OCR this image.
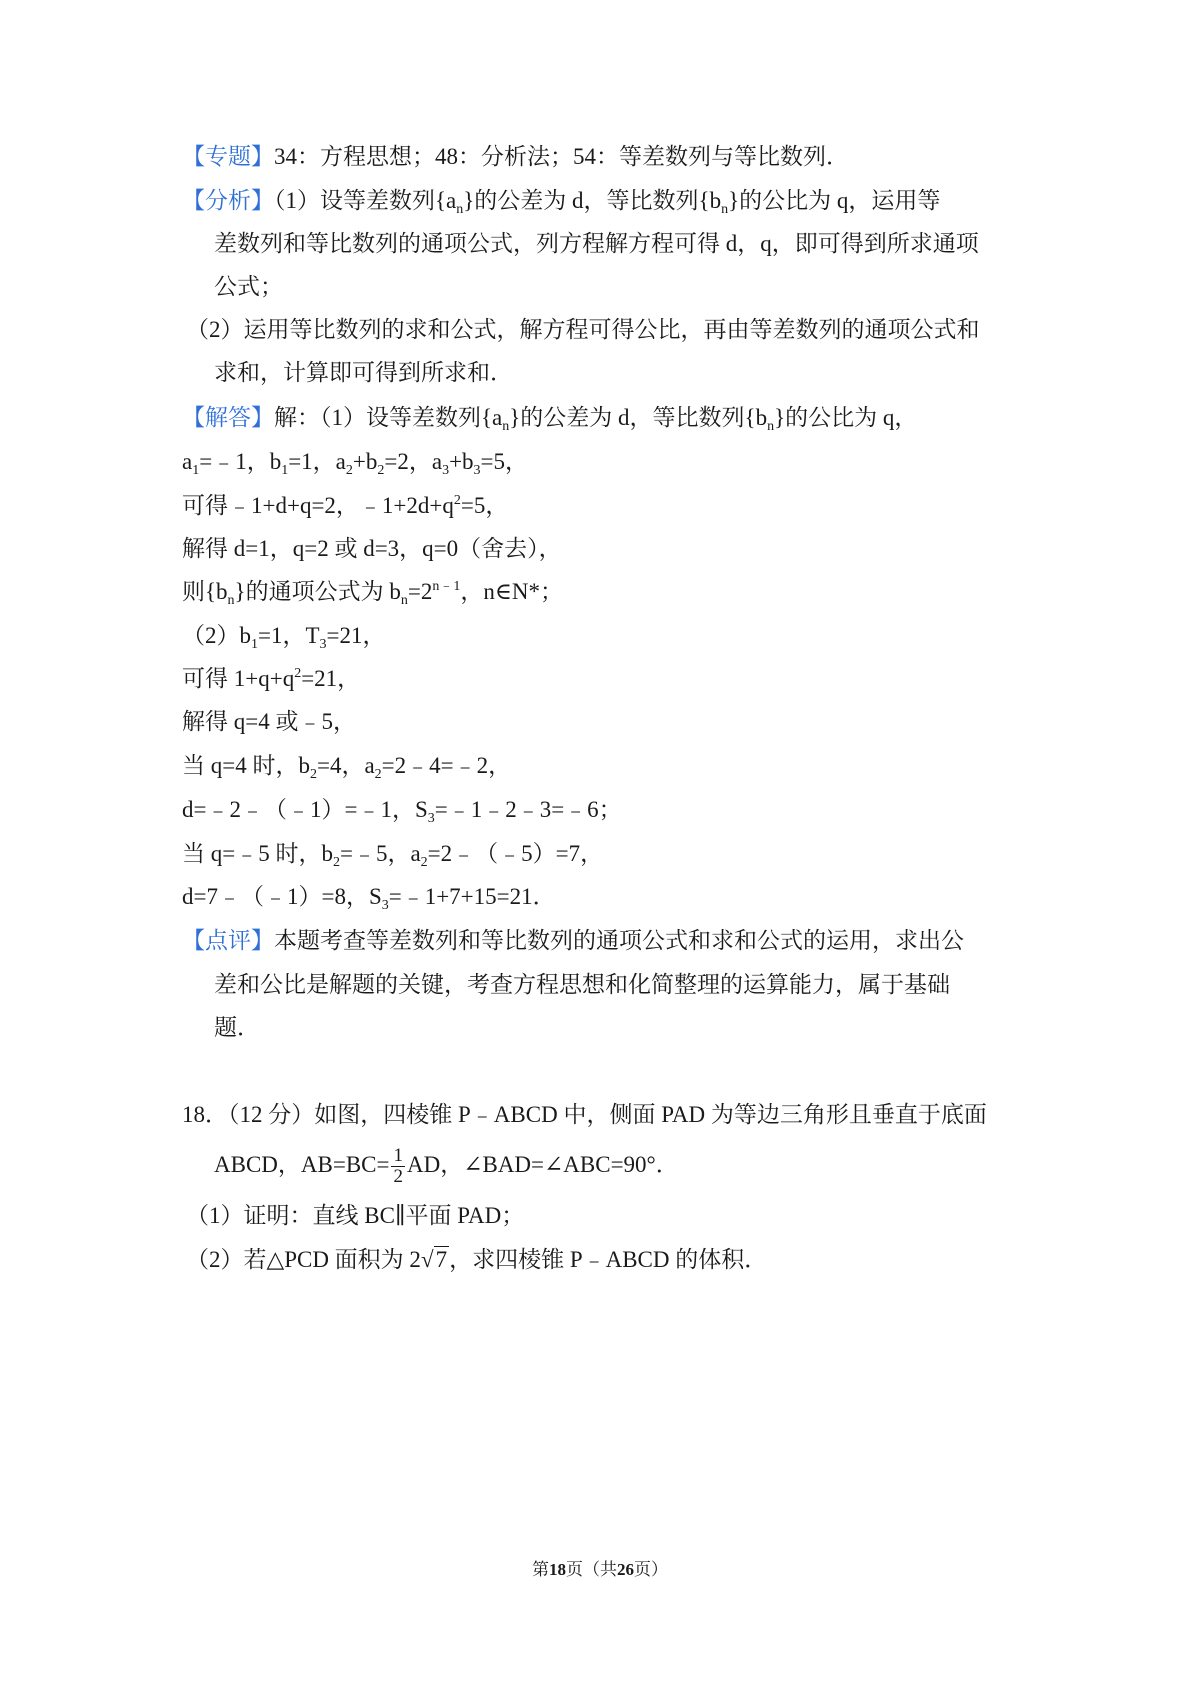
【专题】34：方程思想；48：分析法；54：等差数列与等比数列．
【分析】（1）设等差数列$\{a_n\}$的公差为 d，等比数列$\{b_n\}$的公比为 q，运用等
差数列和等比数列的通项公式，列方程解方程可得 d，q，即可得到所求通项
公式；
（2）运用等比数列的求和公式，解方程可得公比，再由等差数列的通项公式和
求和，计算即可得到所求和．
【解答】解：（1）设等差数列$\{a_n\}$的公差为 d，等比数列$\{b_n\}$的公比为 q，
$a_1=﹣1$，$b_1=1$，$a_2+b_2=2$，$a_3+b_3=5$，
可得﹣1+d+q=2，$﹣1+2d+q^2=5$，
解得 d=1，q=2 或 d=3，q=0（舍去），
则$\{b_n\}$的通项公式为 $b_n=2^{n﹣1}$，n∈N*；
$(2)b_1=1$，$T_3=21$，
可得 $1+q+q^2=21$，
解得 q=4 或﹣5，
当 q=4 时，$b_2=4$，$a_2=2﹣4=﹣2$，
d=﹣2﹣（﹣1）=﹣1，$S_3=﹣1﹣2﹣3=﹣6$；
当 q=﹣5 时，$b_2=﹣5$，$a_2=2﹣(﹣5)=7$，
d=7﹣（﹣1）=8，$S_3=﹣1+7+15=21$．
【点评】本题考查等差数列和等比数列的通项公式和求和公式的运用，求出公
差和公比是解题的关键，考查方程思想和化简整理的运算能力，属于基础
题．
18．（12 分）如图，四棱锥 P﹣ABCD 中，侧面 PAD 为等边三角形且垂直于底面
ABCD，$AB=BC= \frac{1}{2}$ AD，∠BAD=∠ABC=90°．
（1）证明：直线 BC∥平面 PAD；
（2）若△PCD 面积为 2√7，求四棱锥 P﹣ABCD 的体积．
第18页（共26页）
